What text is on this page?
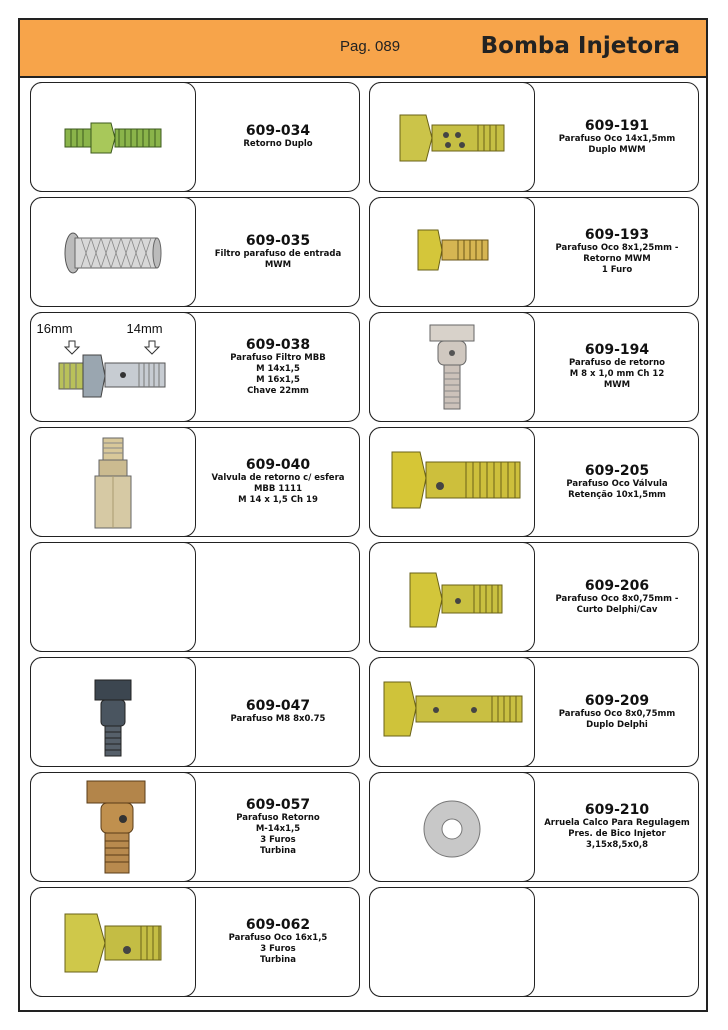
Pag. 089	Bomba Injetora
609-034
Retorno Duplo
609-035
Filtro parafuso de entrada
MWM
16mm	14mm
609-038
Parafuso Filtro MBB
M 14x1,5
M 16x1,5
Chave 22mm
609-040
Valvula de retorno c/ esfera
MBB 1111
M 14 x 1,5 Ch 19
609-047
Parafuso M8 8x0.75
609-057
Parafuso Retorno
M-14x1,5
3 Furos
Turbina
609-062
Parafuso Oco 16x1,5
3 Furos
Turbina
609-191
Parafuso Oco 14x1,5mm
Duplo MWM
609-193
Parafuso Oco 8x1,25mm -
Retorno MWM
1 Furo
609-194
Parafuso de retorno
M 8 x 1,0 mm Ch 12
MWM
609-205
Parafuso Oco Válvula
Retenção 10x1,5mm
609-206
Parafuso Oco 8x0,75mm -
Curto Delphi/Cav
609-209
Parafuso Oco 8x0,75mm
Duplo Delphi
609-210
Arruela Calco Para Regulagem
Pres. de Bico Injetor
3,15x8,5x0,8
